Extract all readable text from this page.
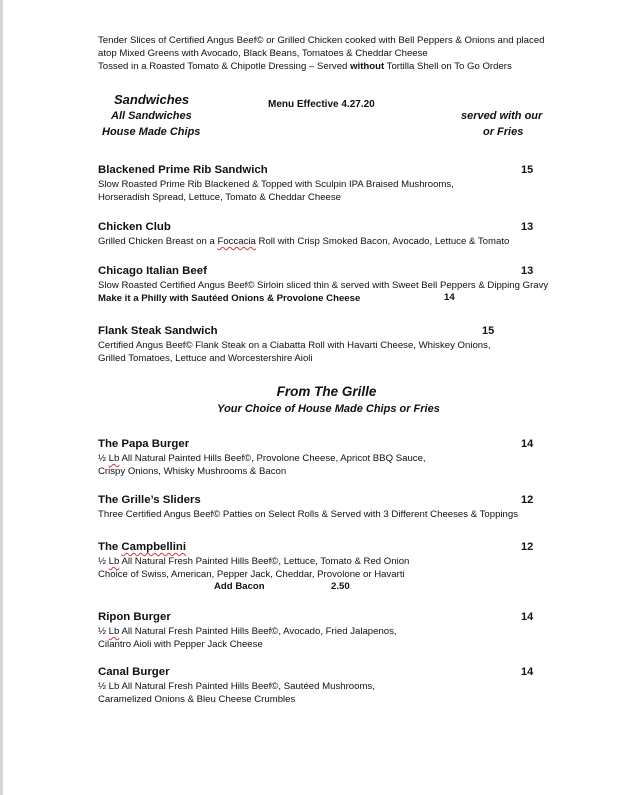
Tender Slices of Certified Angus Beef© or Grilled Chicken cooked with Bell Peppers & Onions and placed
atop Mixed Greens with Avocado, Black Beans, Tomatoes & Cheddar Cheese
Tossed in a Roasted Tomato & Chipotle Dressing – Served without Tortilla Shell on To Go Orders
Sandwiches
All Sandwiches
House Made Chips
Menu Effective 4.27.20
served with our
or Fries
Blackened Prime Rib Sandwich
Slow Roasted Prime Rib Blackened & Topped with Sculpin IPA Braised Mushrooms,
Horseradish Spread, Lettuce, Tomato & Cheddar Cheese
15
Chicken Club
Grilled Chicken Breast on a Foccacia Roll with Crisp Smoked Bacon, Avocado, Lettuce & Tomato
13
Chicago Italian Beef
Slow Roasted Certified Angus Beef© Sirloin sliced thin & served with Sweet Bell Peppers & Dipping Gravy
Make it a Philly with Sautéed Onions & Provolone Cheese
13
14
Flank Steak Sandwich
Certified Angus Beef© Flank Steak on a Ciabatta Roll with Havarti Cheese, Whiskey Onions,
Grilled Tomatoes, Lettuce and Worcestershire Aioli
15
From The Grille
Your Choice of House Made Chips or Fries
The Papa Burger
½ Lb All Natural Painted Hills Beef©, Provolone Cheese, Apricot BBQ Sauce,
Crispy Onions, Whisky Mushrooms & Bacon
14
The Grille’s Sliders
Three Certified Angus Beef© Patties on Select Rolls & Served with 3 Different Cheeses & Toppings
12
The Campbellini
½ Lb All Natural Fresh Painted Hills Beef©, Lettuce, Tomato & Red Onion
Choice of Swiss, American, Pepper Jack, Cheddar, Provolone or Havarti
12
Add Bacon	2.50
Ripon Burger
½ Lb All Natural Fresh Painted Hills Beef©, Avocado, Fried Jalapenos,
Cilantro Aioli with Pepper Jack Cheese
14
Canal Burger
½ Lb All Natural Fresh Painted Hills Beef©, Sautéed Mushrooms,
Caramelized Onions & Bleu Cheese Crumbles
14
